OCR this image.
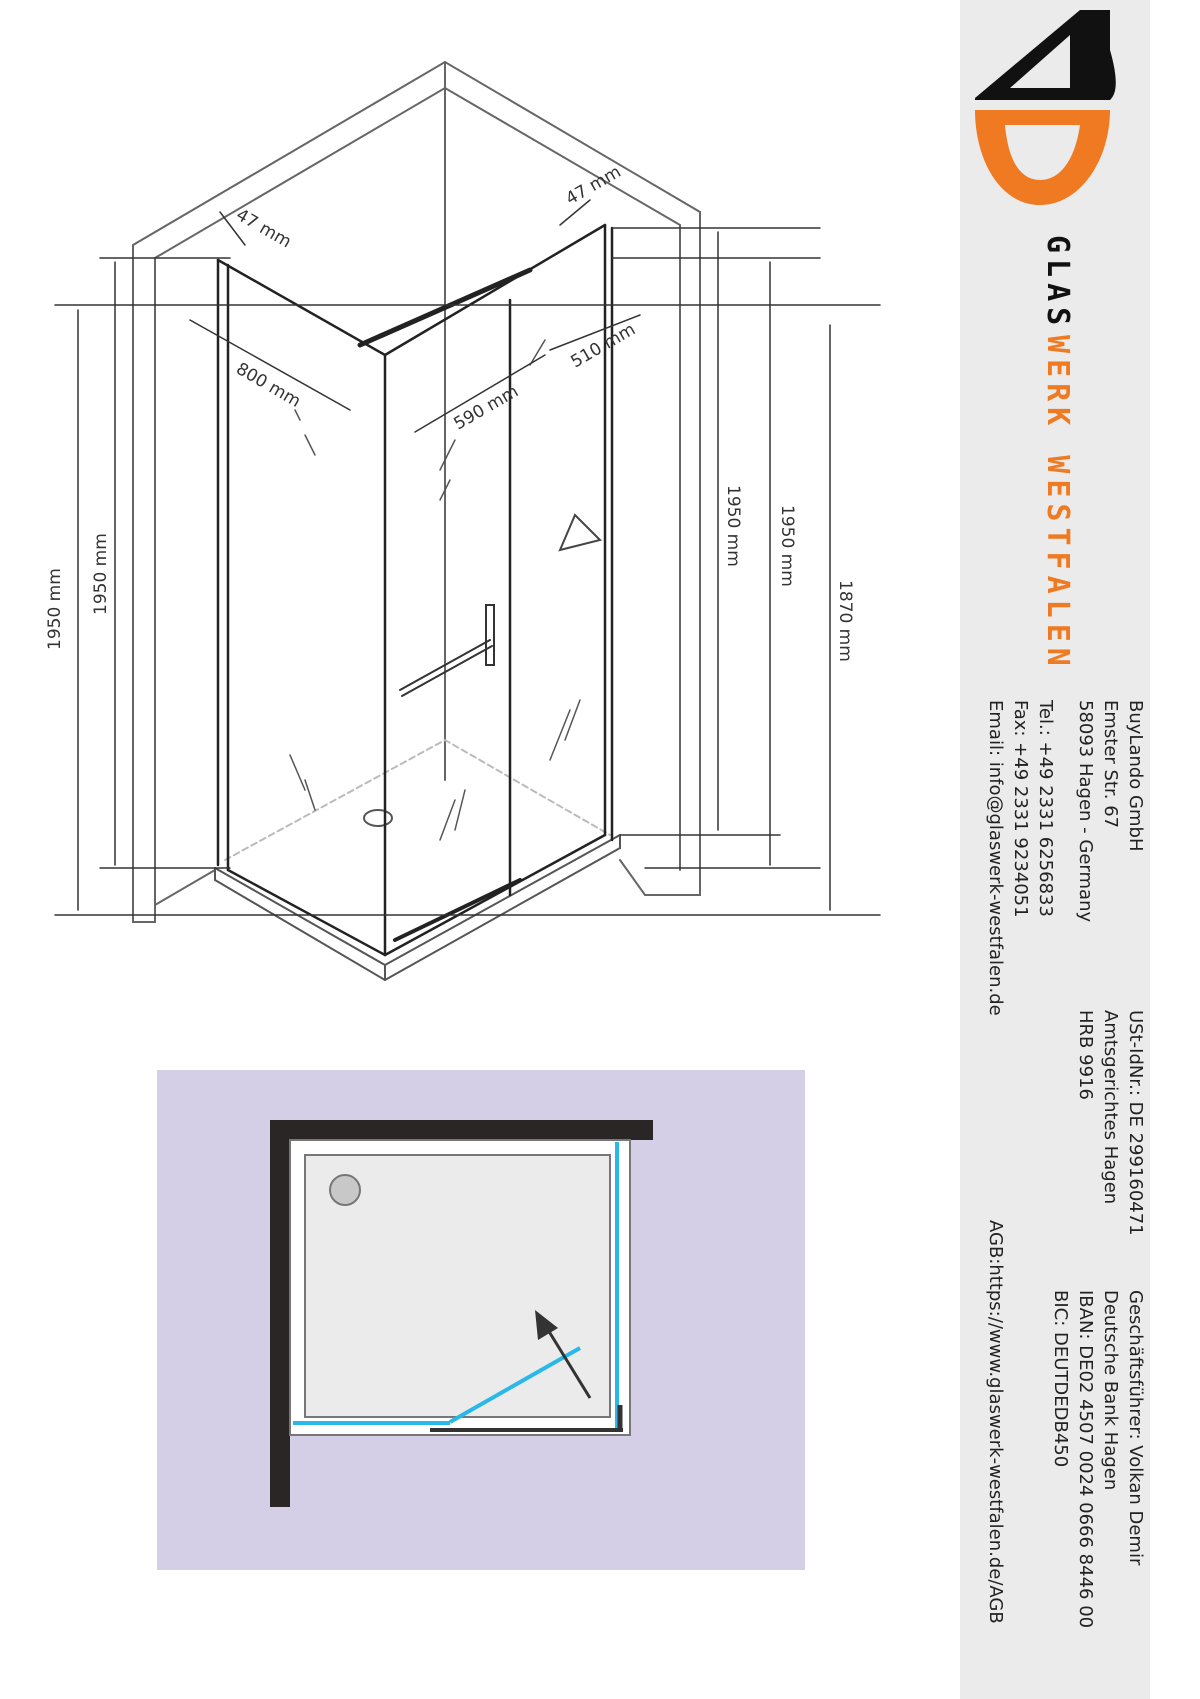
47 mm
47 mm
800 mm	590 mm
510 mm
1950 mm 1950 mm
1950 mm 1950 mm
1870 mm
GLAS
WERK WESTFALEN
BuyLando GmbH
Emster Str. 67
58093 Hagen - Germany
Tel.: +49 2331 6256833
Fax: +49 2331 9234051
Email: info@glaswerk-westfalen.de
USt-IdNr.: DE 299160471
Amtsgerichtes Hagen
HRB 9916
Geschäftsführer: Volkan Demir
Deutsche Bank Hagen
IBAN: DE02 4507 0024 0666 8446 00
BIC: DEUTDEDB450
AGB:https://www.glaswerk-westfalen.de/AGB
